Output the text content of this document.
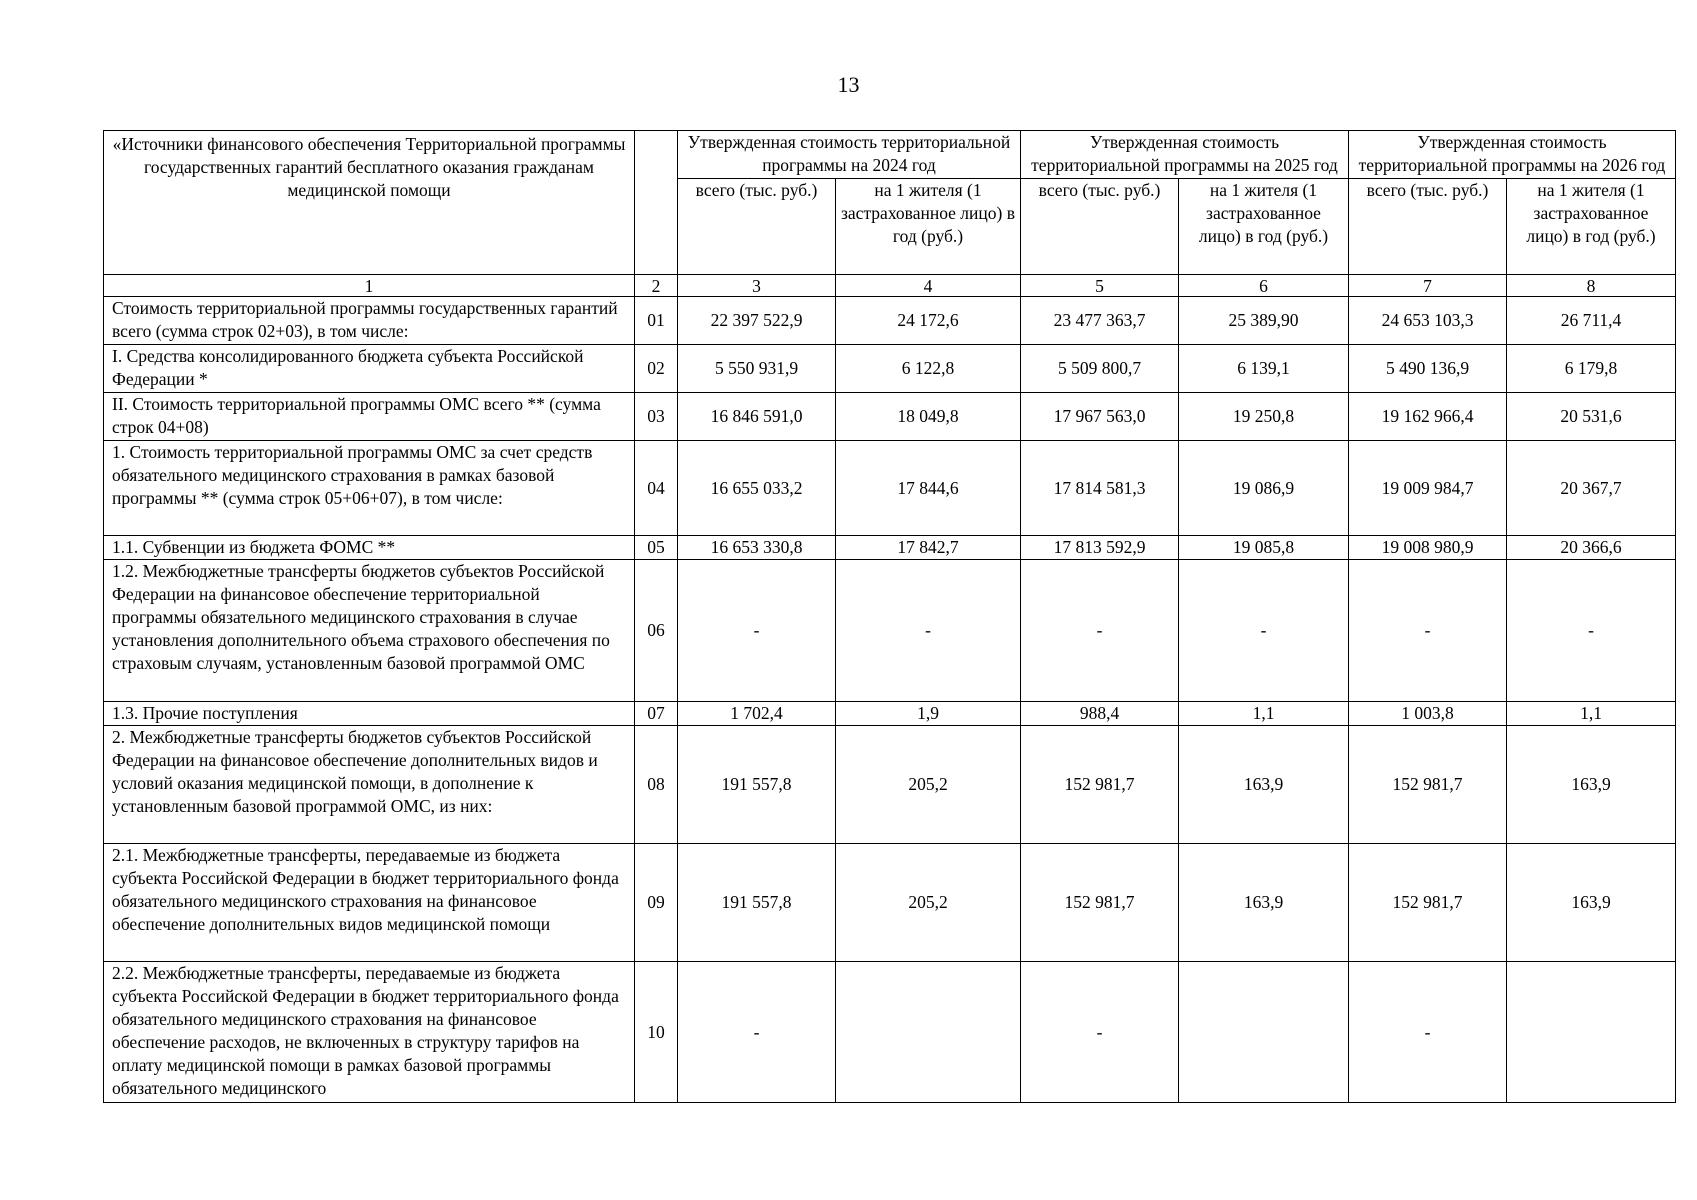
13
«Источники финансового обеспечения Территориальной программы государственных гарантий бесплатного оказания гражданам медицинской помощи		Утвержденная стоимость территориальной программы на 2024 год		Утвержденная стоимость территориальной программы на 2025 год		Утвержденная стоимость территориальной программы на 2026 год	
		всего (тыс. руб.)	на 1 жителя (1 застрахованное лицо) в год (руб.)	всего (тыс. руб.)	на 1 жителя (1 застрахованное лицо) в год (руб.)	всего (тыс. руб.)	на 1 жителя (1 застрахованное лицо) в год (руб.)
1	2	3	4	5	6	7	8
Стоимость территориальной программы государственных гарантий всего (сумма строк 02+03), в том числе:	01	22 397 522,9	24 172,6	23 477 363,7	25 389,90	24 653 103,3	26 711,4
I. Средства консолидированного бюджета субъекта Российской Федерации *	02	5 550 931,9	6 122,8	5 509 800,7	6 139,1	5 490 136,9	6 179,8
II. Стоимость территориальной программы ОМС всего ** (сумма строк 04+08)	03	16 846 591,0	18 049,8	17 967 563,0	19 250,8	19 162 966,4	20 531,6
1. Стоимость территориальной программы ОМС за счет средств обязательного медицинского страхования в рамках базовой программы ** (сумма строк 05+06+07), в том числе:	04	16 655 033,2	17 844,6	17 814 581,3	19 086,9	19 009 984,7	20 367,7
1.1. Субвенции из бюджета ФОМС **	05	16 653 330,8	17 842,7	17 813 592,9	19 085,8	19 008 980,9	20 366,6
1.2. Межбюджетные трансферты бюджетов субъектов Российской Федерации на финансовое обеспечение территориальной программы обязательного медицинского страхования в случае установления дополнительного объема страхового обеспечения по страховым случаям, установленным базовой программой ОМС	06	-	-	-	-	-	-
1.3. Прочие поступления	07	1 702,4	1,9	988,4	1,1	1 003,8	1,1
2. Межбюджетные трансферты бюджетов субъектов Российской Федерации на финансовое обеспечение дополнительных видов и условий оказания медицинской помощи, в дополнение к установленным базовой программой ОМС, из них:	08	191 557,8	205,2	152 981,7	163,9	152 981,7	163,9
2.1. Межбюджетные трансферты, передаваемые из бюджета субъекта Российской Федерации в бюджет территориального фонда обязательного медицинского страхования на финансовое обеспечение дополнительных видов медицинской помощи	09	191 557,8	205,2	152 981,7	163,9	152 981,7	163,9
2.2. Межбюджетные трансферты, передаваемые из бюджета субъекта Российской Федерации в бюджет территориального фонда обязательного медицинского страхования на финансовое обеспечение расходов, не включенных в структуру тарифов на оплату медицинской помощи в рамках базовой программы обязательного медицинского	10	-		-		-	
